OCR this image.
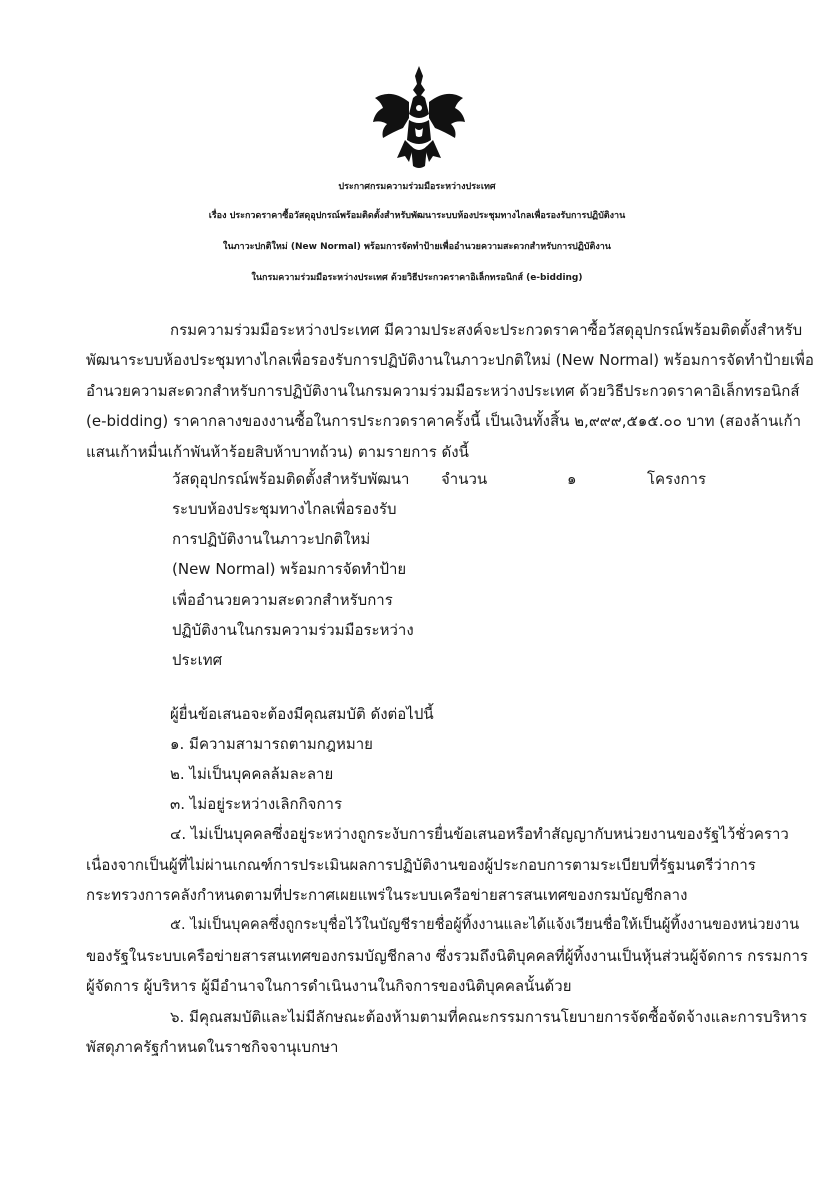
ประกาศกรมความร่วมมือระหว่างประเทศ
เรื่อง ประกวดราคาซื้อวัสดุอุปกรณ์พร้อมติดตั้งสำหรับพัฒนาระบบห้องประชุมทางไกลเพื่อรองรับการปฏิบัติงาน
ในภาวะปกติใหม่ (New Normal) พร้อมการจัดทำป้ายเพื่ออำนวยความสะดวกสำหรับการปฏิบัติงาน
ในกรมความร่วมมือระหว่างประเทศ ด้วยวิธีประกวดราคาอิเล็กทรอนิกส์ (e-bidding)
กรมความร่วมมือระหว่างประเทศ มีความประสงค์จะประกวดราคาซื้อวัสดุอุปกรณ์พร้อมติดตั้งสำหรับ
พัฒนาระบบห้องประชุมทางไกลเพื่อรองรับการปฏิบัติงานในภาวะปกติใหม่ (New Normal) พร้อมการจัดทำป้ายเพื่อ
อำนวยความสะดวกสำหรับการปฏิบัติงานในกรมความร่วมมือระหว่างประเทศ ด้วยวิธีประกวดราคาอิเล็กทรอนิกส์
(e-bidding) ราคากลางของงานซื้อในการประกวดราคาครั้งนี้ เป็นเงินทั้งสิ้น ๒,๙๙๙,๕๑๕.๐๐ บาท (สองล้านเก้า
แสนเก้าหมื่นเก้าพันห้าร้อยสิบห้าบาทถ้วน) ตามรายการ ดังนี้
วัสดุอุปกรณ์พร้อมติดตั้งสำหรับพัฒนา
ระบบห้องประชุมทางไกลเพื่อรองรับ
การปฏิบัติงานในภาวะปกติใหม่
(New Normal) พร้อมการจัดทำป้าย
เพื่ออำนวยความสะดวกสำหรับการ
ปฏิบัติงานในกรมความร่วมมือระหว่าง
ประเทศ
จำนวน	๑	โครงการ
ผู้ยื่นข้อเสนอจะต้องมีคุณสมบัติ ดังต่อไปนี้
๑. มีความสามารถตามกฎหมาย
๒. ไม่เป็นบุคคลล้มละลาย
๓. ไม่อยู่ระหว่างเลิกกิจการ
๔. ไม่เป็นบุคคลซึ่งอยู่ระหว่างถูกระงับการยื่นข้อเสนอหรือทำสัญญากับหน่วยงานของรัฐไว้ชั่วคราว
เนื่องจากเป็นผู้ที่ไม่ผ่านเกณฑ์การประเมินผลการปฏิบัติงานของผู้ประกอบการตามระเบียบที่รัฐมนตรีว่าการ
กระทรวงการคลังกำหนดตามที่ประกาศเผยแพร่ในระบบเครือข่ายสารสนเทศของกรมบัญชีกลาง
๕. ไม่เป็นบุคคลซึ่งถูกระบุชื่อไว้ในบัญชีรายชื่อผู้ทิ้งงานและได้แจ้งเวียนชื่อให้เป็นผู้ทิ้งงานของหน่วยงาน
ของรัฐในระบบเครือข่ายสารสนเทศของกรมบัญชีกลาง ซึ่งรวมถึงนิติบุคคลที่ผู้ทิ้งงานเป็นหุ้นส่วนผู้จัดการ กรรมการ
ผู้จัดการ ผู้บริหาร ผู้มีอำนาจในการดำเนินงานในกิจการของนิติบุคคลนั้นด้วย
๖. มีคุณสมบัติและไม่มีลักษณะต้องห้ามตามที่คณะกรรมการนโยบายการจัดซื้อจัดจ้างและการบริหาร
พัสดุภาครัฐกำหนดในราชกิจจานุเบกษา
